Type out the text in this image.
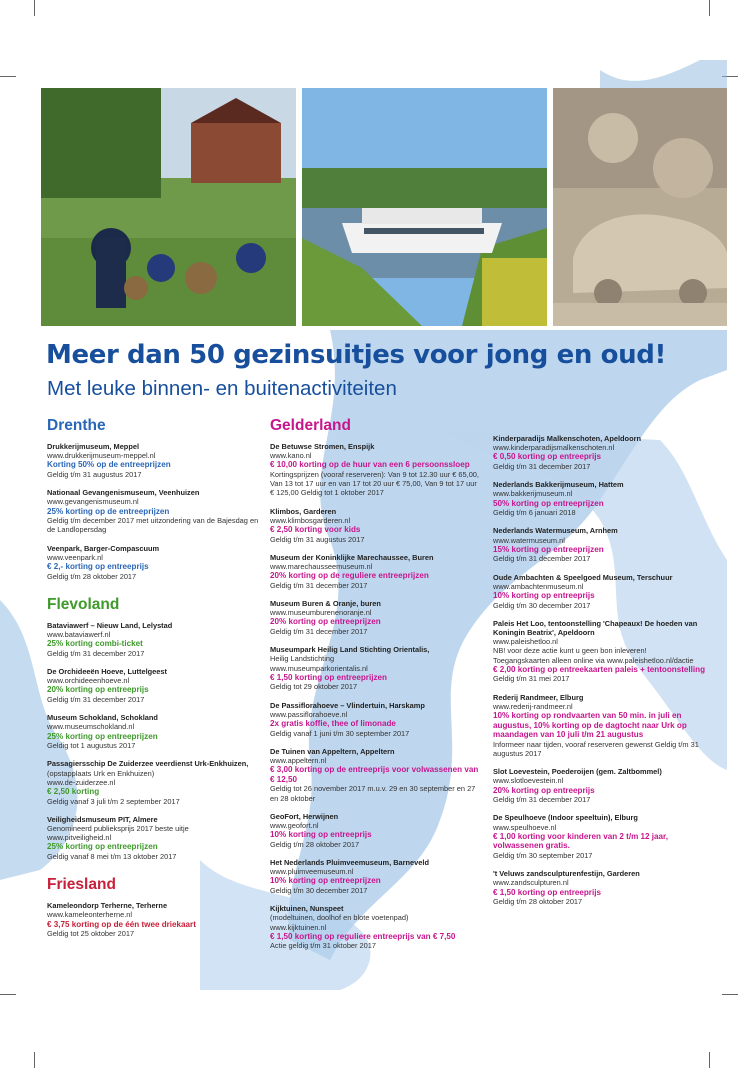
Meer dan 50 gezinsuitjes voor jong en oud!
Met leuke binnen- en buitenactiviteiten
Drenthe
Drukkerijmuseum, Meppel
www.drukkerijmuseum-meppel.nl
Korting 50% op de entreeprijzen
Geldig t/m 31 augustus 2017
Nationaal Gevangenismuseum, Veenhuizen
www.gevangenismuseum.nl
25% korting op de entreeprijzen
Geldig t/m december 2017 met uitzondering van de Bajesdag en de Landlopersdag
Veenpark, Barger-Compascuum
www.veenpark.nl
€ 2,- korting op entreeprijs
Geldig t/m 28 oktober 2017
Flevoland
Bataviawerf – Nieuw Land, Lelystad
www.bataviawerf.nl
25% korting combi-ticket
Geldig t/m 31 december 2017
De Orchideeën Hoeve, Luttelgeest
www.orchideeenhoeve.nl
20% korting op entreeprijs
Geldig t/m 31 december 2017
Museum Schokland, Schokland
www.museumschokland.nl
25% korting op entreeprijzen
Geldig tot 1 augustus 2017
Passagiersschip De Zuiderzee veerdienst Urk-Enkhuizen,
(opstapplaats Urk en Enkhuizen)
www.de-zuiderzee.nl
€ 2,50 korting
Geldig vanaf 3 juli t/m 2 september 2017
Veiligheidsmuseum PIT, Almere
Genomineerd publieksprijs 2017 beste uitje
www.pitveiligheid.nl
25% korting op entreeprijzen
Geldig vanaf 8 mei t/m 13 oktober 2017
Friesland
Kameleondorp Terherne, Terherne
www.kameleonterherne.nl
€ 3,75 korting op de één twee driekaart
Geldig tot 25 oktober 2017
Gelderland
De Betuwse Stromen, Enspijk
www.kano.nl
€ 10,00 korting op de huur van een 6 persoonssloep
Kortingsprijzen (vooraf reserveren): Van 9 tot 12.30 uur € 65,00, Van 13 tot 17 uur en van 17 tot 20 uur € 75,00, Van 9 tot 17 uur € 125,00 Geldig tot 1 oktober 2017
Klimbos, Garderen
www.klimbosgarderen.nl
€ 2,50 korting voor kids
Geldig t/m 31 augustus 2017
Museum der Koninklijke Marechaussee, Buren
www.marechausseemuseum.nl
20% korting op de reguliere entreeprijzen
Geldig t/m 31 december 2017
Museum Buren & Oranje, buren
www.museumburenenoranje.nl
20% korting op entreeprijzen
Geldig t/m 31 december 2017
Museumpark Heilig Land Stichting Orientalis,
Heilig Landstichting
www.museumparkorientalis.nl
€ 1,50 korting op entreeprijzen
Geldig tot 29 oktober 2017
De Passiflorahoeve – Vlindertuin, Harskamp
www.passiflorahoeve.nl
2x gratis koffie, thee of limonade
Geldig vanaf 1 juni t/m 30 september 2017
De Tuinen van Appeltern, Appeltern
www.appeltern.nl
€ 3,00 korting op de entreeprijs voor volwassenen van € 12,50
Geldig tot 26 november 2017 m.u.v. 29 en 30 september en 27 en 28 oktober
GeoFort, Herwijnen
www.geofort.nl
10% korting op entreeprijs
Geldig t/m 28 oktober 2017
Het Nederlands Pluimveemuseum, Barneveld
www.pluimveemuseum.nl
10% korting op entreeprijzen
Geldig t/m 30 december 2017
Kijktuinen, Nunspeet
(modeltuinen, doolhof en blote voetenpad)
www.kijktuinen.nl
€ 1,50 korting op reguliere entreeprijs van € 7,50
Actie geldig t/m 31 oktober 2017
Kinderparadijs Malkenschoten, Apeldoorn
www.kinderparadijsmalkenschoten.nl
€ 0,50 korting op entreeprijs
Geldig t/m 31 december 2017
Nederlands Bakkerijmuseum, Hattem
www.bakkerijmuseum.nl
50% korting op entreeprijzen
Geldig t/m 6 januari 2018
Nederlands Watermuseum, Arnhem
www.watermuseum.nl
15% korting op entreeprijzen
Geldig t/m 31 december 2017
Oude Ambachten & Speelgoed Museum, Terschuur
www.ambachtenmuseum.nl
10% korting op entreeprijs
Geldig t/m 30 december 2017
Paleis Het Loo, tentoonstelling 'Chapeaux! De hoeden van Koningin Beatrix', Apeldoorn
www.paleishetloo.nl
NB! voor deze actie kunt u geen bon inleveren!
Toegangskaarten alleen online via www.paleishetloo.nl/dactie
€ 2,00 korting op entreekaarten paleis + tentoonstelling
Geldig t/m 31 mei 2017
Rederij Randmeer, Elburg
www.rederij-randmeer.nl
10% korting op rondvaarten van 50 min. in juli en augustus, 10% korting op de dagtocht naar Urk op maandagen van 10 juli t/m 21 augustus
Informeer naar tijden, vooraf reserveren gewenst Geldig t/m 31 augustus 2017
Slot Loevestein, Poederoijen (gem. Zaltbommel)
www.slotloevestein.nl
20% korting op entreeprijs
Geldig t/m 31 december 2017
De Speulhoeve (Indoor speeltuin), Elburg
www.speulhoeve.nl
€ 1,00 korting voor kinderen van 2 t/m 12 jaar, volwassenen gratis.
Geldig t/m 30 september 2017
't Veluws zandsculpturenfestijn, Garderen
www.zandsculpturen.nl
€ 1,50 korting op entreeprijs
Geldig t/m 28 oktober 2017
